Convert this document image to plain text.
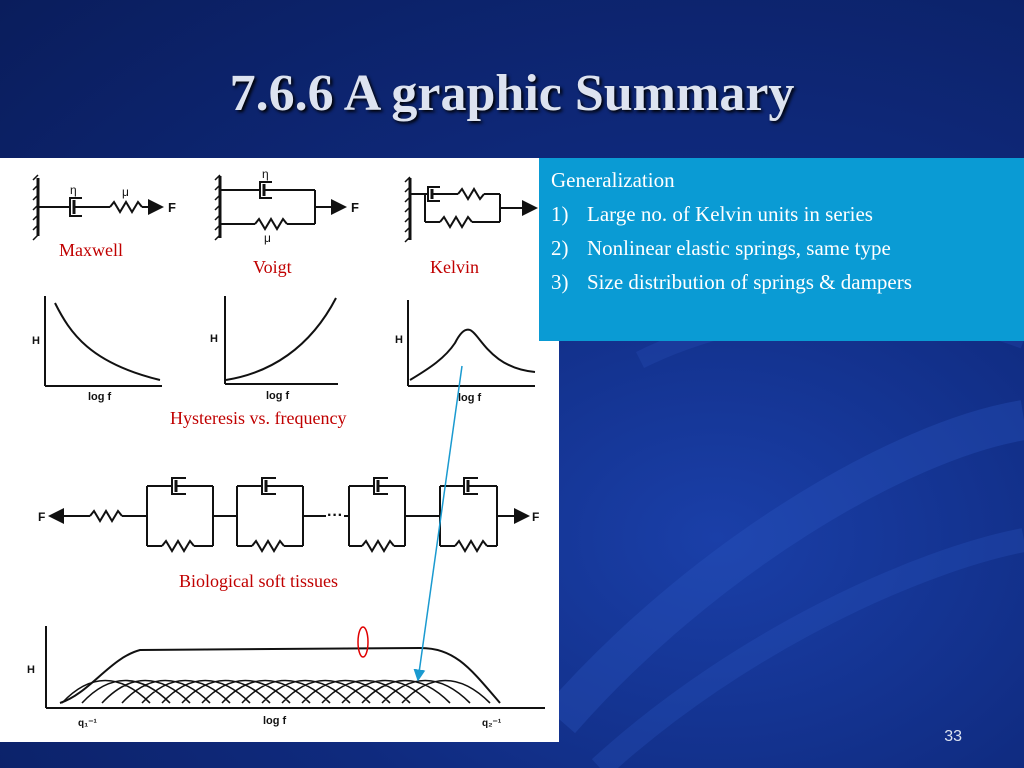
7.6.6 A graphic Summary
η	μ
F
η
μ
F
H
log f
H
log f
H
log f
F	···	F
H
log f
q₁⁻¹	q₂⁻¹
Maxwell
Voigt	Kelvin
Hysteresis vs. frequency
Biological soft tissues
Generalization
1) Large no. of Kelvin units in series
2) Nonlinear elastic springs, same type
3) Size distribution of springs & dampers
33
